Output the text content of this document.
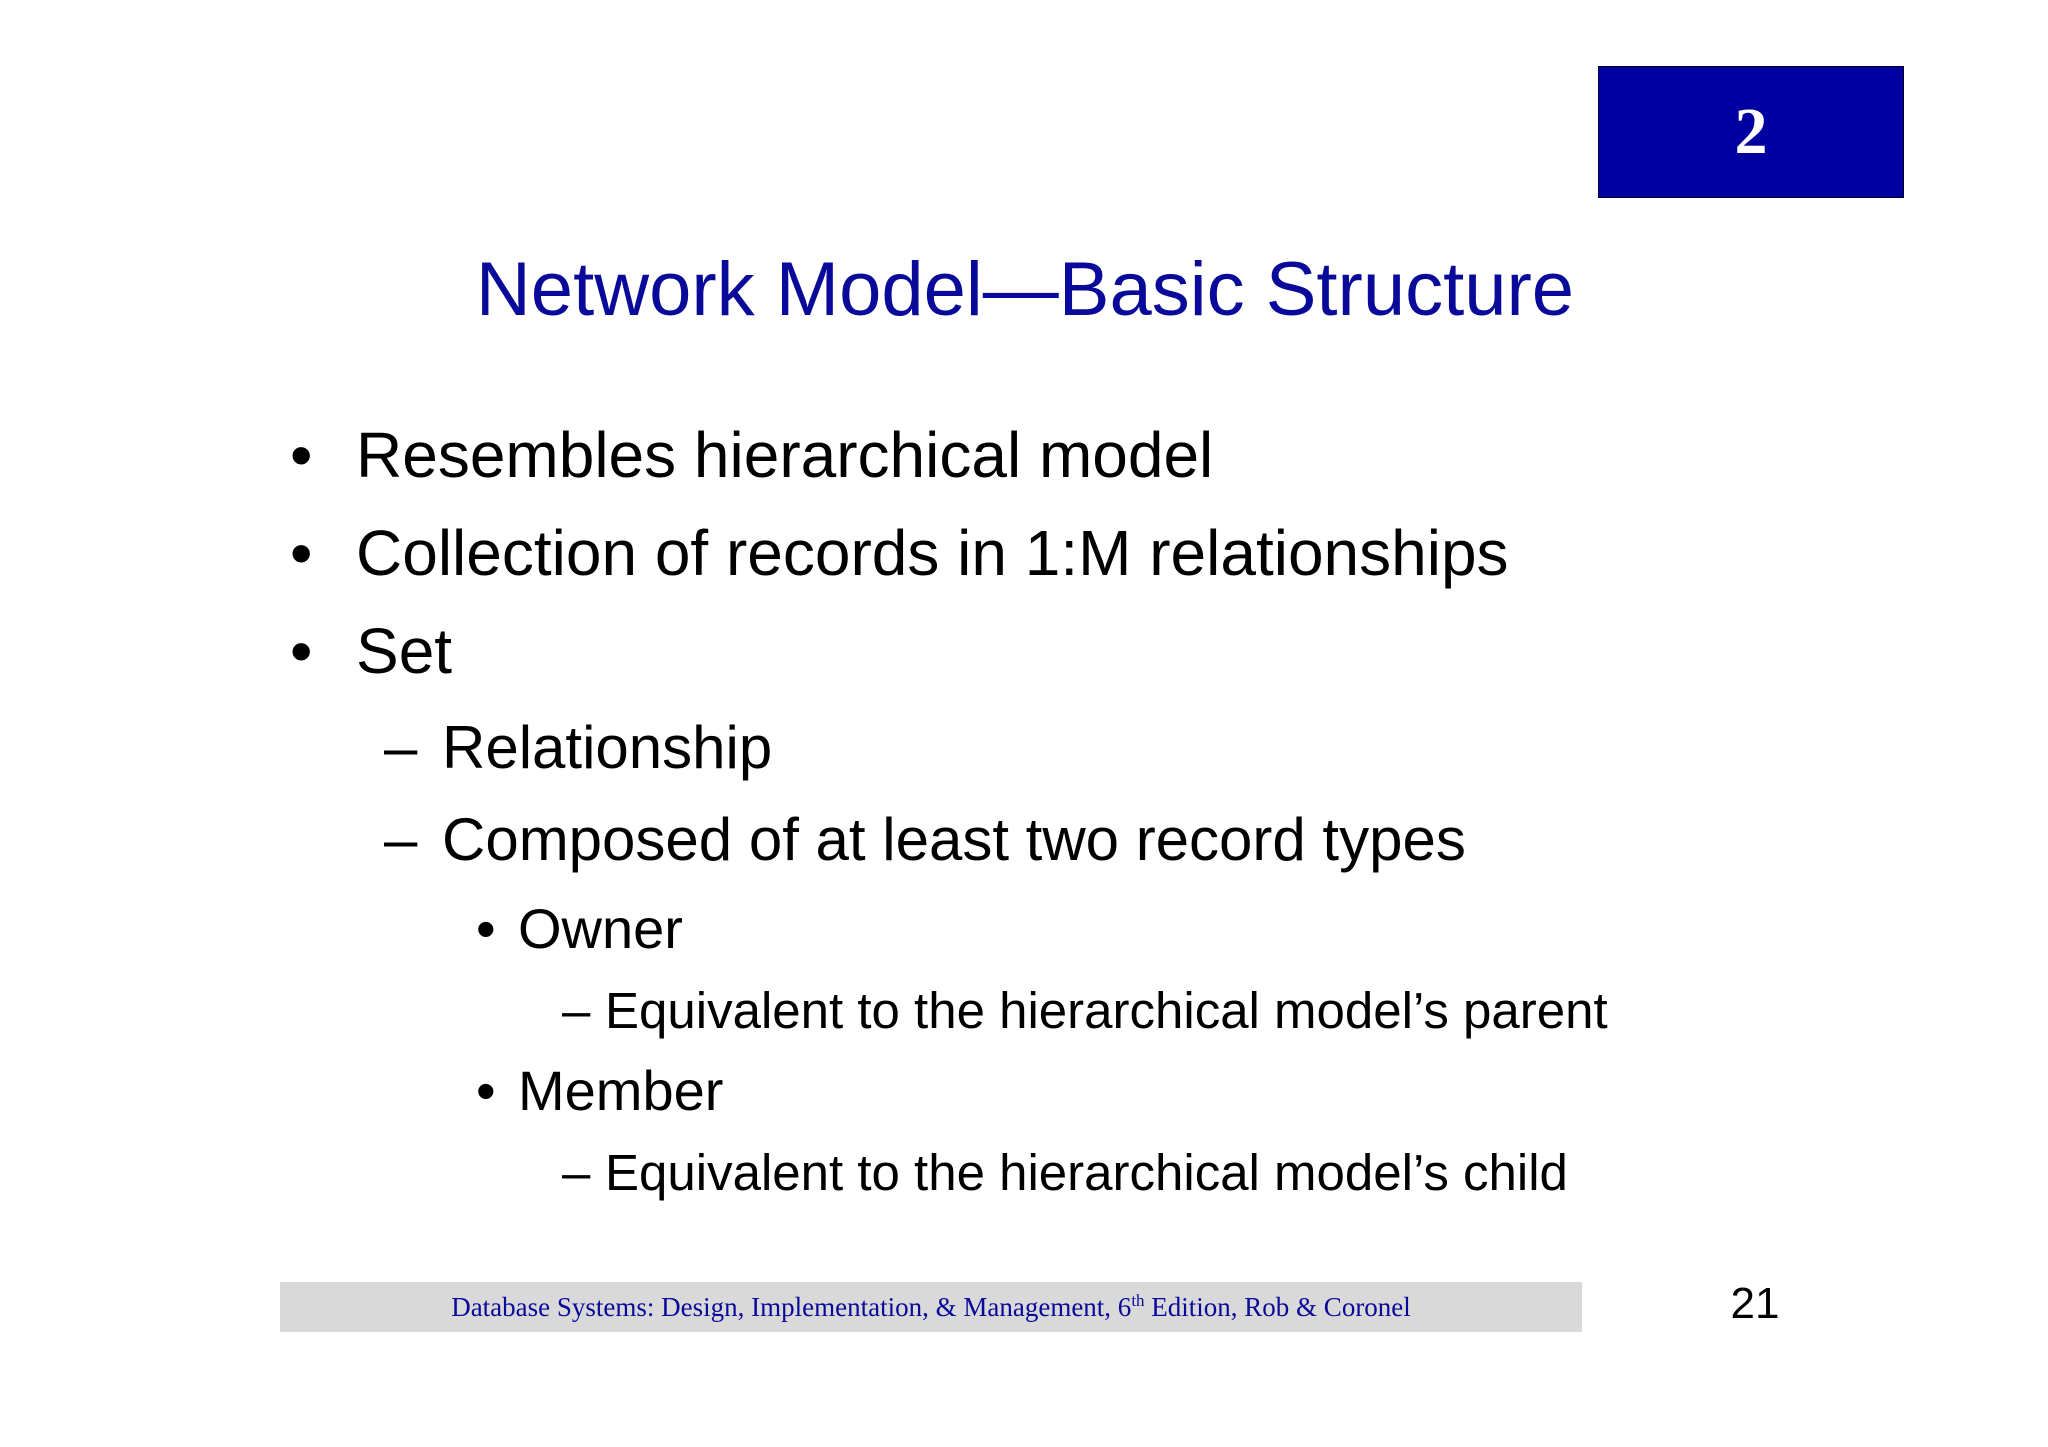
2
Network Model—Basic Structure
• Resembles hierarchical model
• Collection of records in 1:M relationships
• Set
– Relationship
– Composed of at least two record types
• Owner
– Equivalent to the hierarchical model’s parent
• Member
– Equivalent to the hierarchical model’s child
Database Systems: Design, Implementation, & Management, 6th Edition, Rob & Coronel	21
